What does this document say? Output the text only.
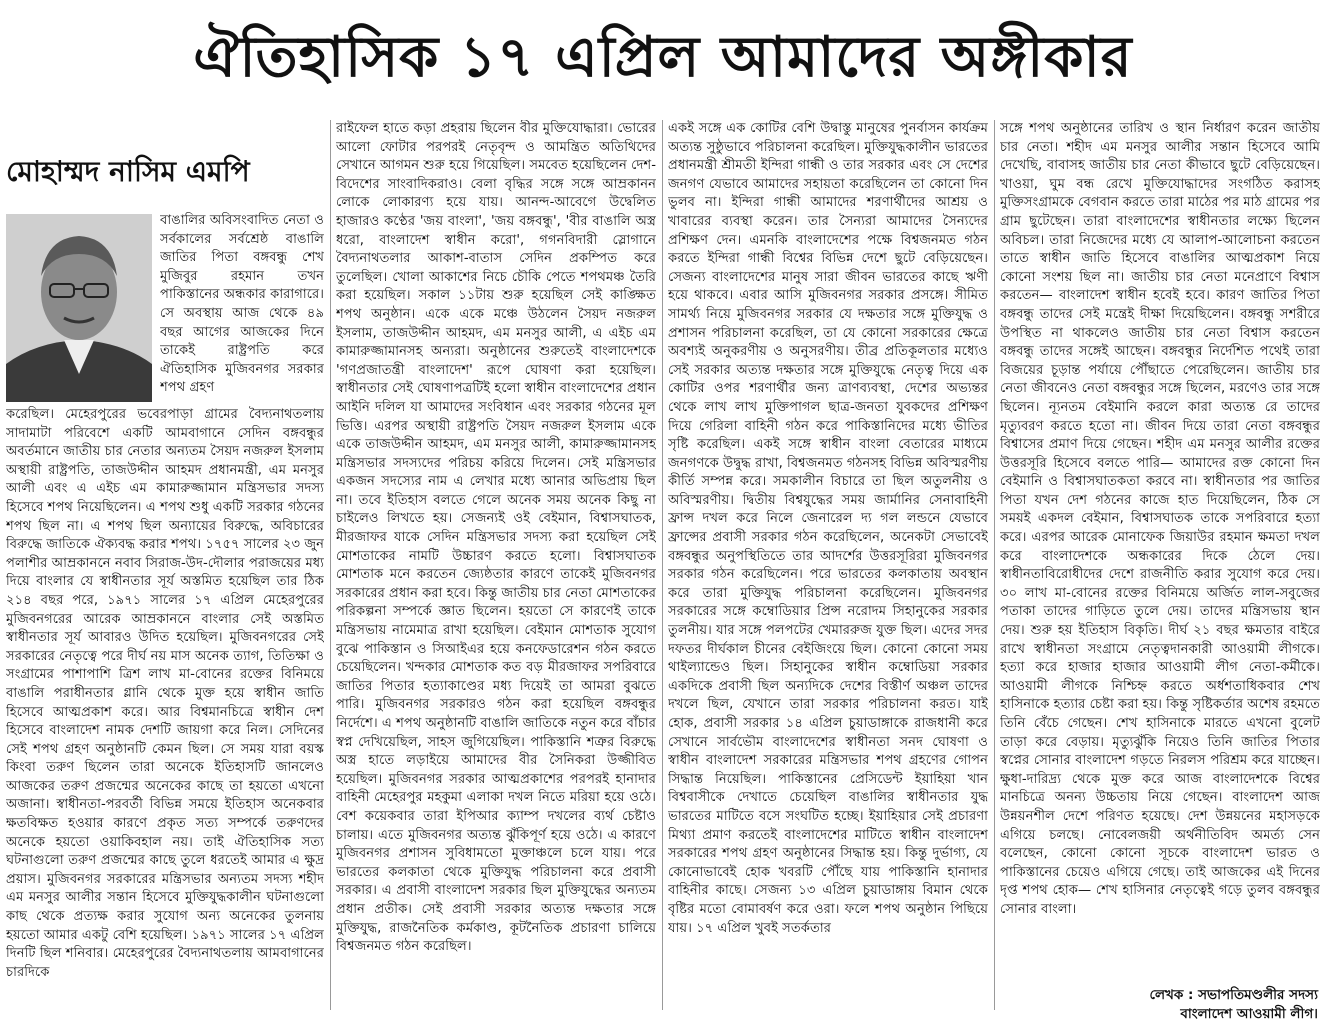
ঐতিহাসিক ১৭ এপ্রিল আমাদের অঙ্গীকার
মোহাম্মদ নাসিম এমপি
বাঙালির অবিসংবাদিত নেতা ও সর্বকালের সর্বশ্রেষ্ঠ বাঙালি জাতির পিতা বঙ্গবন্ধু শেখ মুজিবুর রহমান তখন পাকিস্তানের অন্ধকার কারাগারে। সে অবস্থায় আজ থেকে ৪৯ বছর আগের আজকের দিনে তাকেই রাষ্ট্রপতি করে ঐতিহাসিক মুজিবনগর সরকার শপথ গ্রহণ
করেছিল। মেহেরপুরের ভবেরপাড়া গ্রামের বৈদ্যনাথতলায় সাদামাটা পরিবেশে একটি আমবাগানে সেদিন বঙ্গবন্ধুর অবর্তমানে জাতীয় চার নেতার অন্যতম সৈয়দ নজরুল ইসলাম অস্থায়ী রাষ্ট্রপতি, তাজউদ্দীন আহমদ প্রধানমন্ত্রী, এম মনসুর আলী এবং এ এইচ এম কামারুজ্জামান মন্ত্রিসভার সদস্য হিসেবে শপথ নিয়েছিলেন। এ শপথ শুধু একটি সরকার গঠনের শপথ ছিল না। এ শপথ ছিল অন্যায়ের বিরুদ্ধে, অবিচারের বিরুদ্ধে জাতিকে ঐক্যবদ্ধ করার শপথ। ১৭৫৭ সালের ২৩ জুন পলাশীর আম্রকাননে নবাব সিরাজ-উদ-দৌলার পরাজয়ের মধ্য দিয়ে বাংলার যে স্বাধীনতার সূর্য অস্তমিত হয়েছিল তার ঠিক ২১৪ বছর পরে, ১৯৭১ সালের ১৭ এপ্রিল মেহেরপুরের মুজিবনগরের আরেক আম্রকাননে বাংলার সেই অস্তমিত স্বাধীনতার সূর্য আবারও উদিত হয়েছিল। মুজিবনগরের সেই সরকারের নেতৃত্বে পরে দীর্ঘ নয় মাস অনেক ত্যাগ, তিতিক্ষা ও সংগ্রামের পাশাপাশি ত্রিশ লাখ মা-বোনের রক্তের বিনিময়ে বাঙালি পরাধীনতার গ্লানি থেকে মুক্ত হয়ে স্বাধীন জাতি হিসেবে আত্মপ্রকাশ করে। আর বিশ্বমানচিত্রে স্বাধীন দেশ হিসেবে বাংলাদেশ নামক দেশটি জায়গা করে নিল। সেদিনের সেই শপথ গ্রহণ অনুষ্ঠানটি কেমন ছিল। সে সময় যারা বয়স্ক কিংবা তরুণ ছিলেন তারা অনেকে ইতিহাসটি জানলেও আজকের তরুণ প্রজন্মের অনেকের কাছে তা হয়তো এখনো অজানা। স্বাধীনতা-পরবর্তী বিভিন্ন সময়ে ইতিহাস অনেকবার ক্ষতবিক্ষত হওয়ার কারণে প্রকৃত সত্য সম্পর্কে তরুণদের অনেকে হয়তো ওয়াকিবহাল নয়। তাই ঐতিহাসিক সত্য ঘটনাগুলো তরুণ প্রজন্মের কাছে তুলে ধরতেই আমার এ ক্ষুদ্র প্রয়াস। মুজিবনগর সরকারের মন্ত্রিসভার অন্যতম সদস্য শহীদ এম মনসুর আলীর সন্তান হিসেবে মুক্তিযুদ্ধকালীন ঘটনাগুলো কাছ থেকে প্রত্যক্ষ করার সুযোগ অন্য অনেকের তুলনায় হয়তো আমার একটু বেশি হয়েছিল। ১৯৭১ সালের ১৭ এপ্রিল দিনটি ছিল শনিবার। মেহেরপুরের বৈদ্যনাথতলায় আমবাগানের চারদিকে
রাইফেল হাতে কড়া প্রহরায় ছিলেন বীর মুক্তিযোদ্ধারা। ভোরের আলো ফোটার পরপরই নেতৃবৃন্দ ও আমন্ত্রিত অতিথিদের সেখানে আগমন শুরু হয়ে গিয়েছিল। সমবেত হয়েছিলেন দেশ-বিদেশের সাংবাদিকরাও। বেলা বৃদ্ধির সঙ্গে সঙ্গে আম্রকানন লোকে লোকারণ্য হয়ে যায়। আনন্দ-আবেগে উদ্বেলিত হাজারও কণ্ঠের 'জয় বাংলা', 'জয় বঙ্গবন্ধু', 'বীর বাঙালি অস্ত্র ধরো, বাংলাদেশ স্বাধীন করো', গগনবিদারী স্লোগানে বৈদ্যনাথতলার আকাশ-বাতাস সেদিন প্রকম্পিত করে তুলেছিল। খোলা আকাশের নিচে চৌকি পেতে শপথমঞ্চ তৈরি করা হয়েছিল। সকাল ১১টায় শুরু হয়েছিল সেই কাঙ্ক্ষিত শপথ অনুষ্ঠান। একে একে মঞ্চে উঠলেন সৈয়দ নজরুল ইসলাম, তাজউদ্দীন আহমদ, এম মনসুর আলী, এ এইচ এম কামারুজ্জামানসহ অন্যরা। অনুষ্ঠানের শুরুতেই বাংলাদেশকে 'গণপ্রজাতন্ত্রী বাংলাদেশ' রূপে ঘোষণা করা হয়েছিল। স্বাধীনতার সেই ঘোষণাপত্রটিই হলো স্বাধীন বাংলাদেশের প্রধান আইনি দলিল যা আমাদের সংবিধান এবং সরকার গঠনের মূল ভিত্তি। এরপর অস্থায়ী রাষ্ট্রপতি সৈয়দ নজরুল ইসলাম একে একে তাজউদ্দীন আহমদ, এম মনসুর আলী, কামারুজ্জামানসহ মন্ত্রিসভার সদস্যদের পরিচয় করিয়ে দিলেন। সেই মন্ত্রিসভার একজন সদস্যের নাম এ লেখার মধ্যে আনার অভিপ্রায় ছিল না। তবে ইতিহাস বলতে গেলে অনেক সময় অনেক কিছু না চাইলেও লিখতে হয়। সেজন্যই ওই বেইমান, বিশ্বাসঘাতক, মীরজাফর যাকে সেদিন মন্ত্রিসভার সদস্য করা হয়েছিল সেই মোশতাকের নামটি উচ্চারণ করতে হলো। বিশ্বাসঘাতক মোশতাক মনে করতেন জ্যেষ্ঠতার কারণে তাকেই মুজিবনগর সরকারের প্রধান করা হবে। কিন্তু জাতীয় চার নেতা মোশতাকের পরিকল্পনা সম্পর্কে জ্ঞাত ছিলেন। হয়তো সে কারণেই তাকে মন্ত্রিসভায় নামেমাত্র রাখা হয়েছিল। বেইমান মোশতাক সুযোগ বুঝে পাকিস্তান ও সিআইএর হয়ে কনফেডারেশন গঠন করতে চেয়েছিলেন। খন্দকার মোশতাক কত বড় মীরজাফর সপরিবারে জাতির পিতার হত্যাকাণ্ডের মধ্য দিয়েই তা আমরা বুঝতে পারি। মুজিবনগর সরকারও গঠন করা হয়েছিল বঙ্গবন্ধুর নির্দেশে। এ শপথ অনুষ্ঠানটি বাঙালি জাতিকে নতুন করে বাঁচার স্বপ্ন দেখিয়েছিল, সাহস জুগিয়েছিল। পাকিস্তানি শত্রুর বিরুদ্ধে অস্ত্র হাতে লড়াইয়ে আমাদের বীর সৈনিকরা উজ্জীবিত হয়েছিল। মুজিবনগর সরকার আত্মপ্রকাশের পরপরই হানাদার বাহিনী মেহেরপুর মহকুমা এলাকা দখল নিতে মরিয়া হয়ে ওঠে। বেশ কয়েকবার তারা ইপিআর ক্যাম্প দখলের ব্যর্থ চেষ্টাও চালায়। এতে মুজিবনগর অত্যন্ত ঝুঁকিপূর্ণ হয়ে ওঠে। এ কারণে মুজিবনগর প্রশাসন সুবিধামতো মুক্তাঞ্চলে চলে যায়। পরে ভারতের কলকাতা থেকে মুক্তিযুদ্ধ পরিচালনা করে প্রবাসী সরকার। এ প্রবাসী বাংলাদেশ সরকার ছিল মুক্তিযুদ্ধের অন্যতম প্রধান প্রতীক। সেই প্রবাসী সরকার অত্যন্ত দক্ষতার সঙ্গে মুক্তিযুদ্ধ, রাজনৈতিক কর্মকাণ্ড, কূটনৈতিক প্রচারণা চালিয়ে বিশ্বজনমত গঠন করেছিল।
একই সঙ্গে এক কোটির বেশি উদ্বাস্তু মানুষের পুনর্বাসন কার্যক্রম অত্যন্ত সুষ্ঠুভাবে পরিচালনা করেছিল। মুক্তিযুদ্ধকালীন ভারতের প্রধানমন্ত্রী শ্রীমতী ইন্দিরা গান্ধী ও তার সরকার এবং সে দেশের জনগণ যেভাবে আমাদের সহায়তা করেছিলেন তা কোনো দিন ভুলব না। ইন্দিরা গান্ধী আমাদের শরণার্থীদের আশ্রয় ও খাবারের ব্যবস্থা করেন। তার সৈন্যরা আমাদের সৈন্যদের প্রশিক্ষণ দেন। এমনকি বাংলাদেশের পক্ষে বিশ্বজনমত গঠন করতে ইন্দিরা গান্ধী বিশ্বের বিভিন্ন দেশে ছুটে বেড়িয়েছেন। সেজন্য বাংলাদেশের মানুষ সারা জীবন ভারতের কাছে ঋণী হয়ে থাকবে। এবার আসি মুজিবনগর সরকার প্রসঙ্গে। সীমিত সামর্থ্য নিয়ে মুজিবনগর সরকার যে দক্ষতার সঙ্গে মুক্তিযুদ্ধ ও প্রশাসন পরিচালনা করেছিল, তা যে কোনো সরকারের ক্ষেত্রে অবশ্যই অনুকরণীয় ও অনুসরণীয়। তীব্র প্রতিকূলতার মধ্যেও সেই সরকার অত্যন্ত দক্ষতার সঙ্গে মুক্তিযুদ্ধে নেতৃত্ব দিয়ে এক কোটির ওপর শরণার্থীর জন্য ত্রাণব্যবস্থা, দেশের অভ্যন্তর থেকে লাখ লাখ মুক্তিপাগল ছাত্র-জনতা যুবকদের প্রশিক্ষণ দিয়ে গেরিলা বাহিনী গঠন করে পাকিস্তানিদের মধ্যে ভীতির সৃষ্টি করেছিল। একই সঙ্গে স্বাধীন বাংলা বেতারের মাধ্যমে জনগণকে উদ্বুদ্ধ রাখা, বিশ্বজনমত গঠনসহ বিভিন্ন অবিস্মরণীয় কীর্তি সম্পন্ন করে। সমকালীন বিচারে তা ছিল অতুলনীয় ও অবিস্মরণীয়। দ্বিতীয় বিশ্বযুদ্ধের সময় জার্মানির সেনাবাহিনী ফ্রান্স দখল করে নিলে জেনারেল দ্য গল লন্ডনে যেভাবে ফ্রান্সের প্রবাসী সরকার গঠন করেছিলেন, অনেকটা সেভাবেই বঙ্গবন্ধুর অনুপস্থিতিতে তার আদর্শের উত্তরসূরিরা মুজিবনগর সরকার গঠন করেছিলেন। পরে ভারতের কলকাতায় অবস্থান করে তারা মুক্তিযুদ্ধ পরিচালনা করেছিলেন। মুজিবনগর সরকারের সঙ্গে কম্বোডিয়ার প্রিন্স নরোদম সিহানুকের সরকার তুলনীয়। যার সঙ্গে পলপটের খেমাররুজ যুক্ত ছিল। এদের সদর দফতর দীর্ঘকাল চীনের বেইজিংয়ে ছিল। কোনো কোনো সময় থাইল্যান্ডেও ছিল। সিহানুকের স্বাধীন কম্বোডিয়া সরকার একদিকে প্রবাসী ছিল অন্যদিকে দেশের বিস্তীর্ণ অঞ্চল তাদের দখলে ছিল, যেখানে তারা সরকার পরিচালনা করত। যাই হোক, প্রবাসী সরকার ১৪ এপ্রিল চুয়াডাঙ্গাকে রাজধানী করে সেখানে সার্বভৌম বাংলাদেশের স্বাধীনতা সনদ ঘোষণা ও স্বাধীন বাংলাদেশ সরকারের মন্ত্রিসভার শপথ গ্রহণের গোপন সিদ্ধান্ত নিয়েছিল। পাকিস্তানের প্রেসিডেন্ট ইয়াহিয়া খান বিশ্ববাসীকে দেখাতে চেয়েছিল বাঙালির স্বাধীনতার যুদ্ধ ভারতের মাটিতে বসে সংঘটিত হচ্ছে। ইয়াহিয়ার সেই প্রচারণা মিথ্যা প্রমাণ করতেই বাংলাদেশের মাটিতে স্বাধীন বাংলাদেশ সরকারের শপথ গ্রহণ অনুষ্ঠানের সিদ্ধান্ত হয়। কিন্তু দুর্ভাগ্য, যে কোনোভাবেই হোক খবরটি পৌঁছে যায় পাকিস্তানি হানাদার বাহিনীর কাছে। সেজন্য ১৩ এপ্রিল চুয়াডাঙ্গায় বিমান থেকে বৃষ্টির মতো বোমাবর্ষণ করে ওরা। ফলে শপথ অনুষ্ঠান পিছিয়ে যায়। ১৭ এপ্রিল খুবই সতর্কতার
সঙ্গে শপথ অনুষ্ঠানের তারিখ ও স্থান নির্ধারণ করেন জাতীয় চার নেতা। শহীদ এম মনসুর আলীর সন্তান হিসেবে আমি দেখেছি, বাবাসহ জাতীয় চার নেতা কীভাবে ছুটে বেড়িয়েছেন। খাওয়া, ঘুম বন্ধ রেখে মুক্তিযোদ্ধাদের সংগঠিত করাসহ মুক্তিসংগ্রামকে বেগবান করতে তারা মাঠের পর মাঠ গ্রামের পর গ্রাম ছুটেছেন। তারা বাংলাদেশের স্বাধীনতার লক্ষ্যে ছিলেন অবিচল। তারা নিজেদের মধ্যে যে আলাপ-আলোচনা করতেন তাতে স্বাধীন জাতি হিসেবে বাঙালির আত্মপ্রকাশ নিয়ে কোনো সংশয় ছিল না। জাতীয় চার নেতা মনেপ্রাণে বিশ্বাস করতেন— বাংলাদেশ স্বাধীন হবেই হবে। কারণ জাতির পিতা বঙ্গবন্ধু তাদের সেই মন্ত্রেই দীক্ষা দিয়েছিলেন। বঙ্গবন্ধু সশরীরে উপস্থিত না থাকলেও জাতীয় চার নেতা বিশ্বাস করতেন বঙ্গবন্ধু তাদের সঙ্গেই আছেন। বঙ্গবন্ধুর নির্দেশিত পথেই তারা বিজয়ের চূড়ান্ত পর্যায়ে পৌঁছাতে পেরেছিলেন। জাতীয় চার নেতা জীবনেও নেতা বঙ্গবন্ধুর সঙ্গে ছিলেন, মরণেও তার সঙ্গে ছিলেন। ন্যূনতম বেইমানি করলে কারা অত্যন্ত রে তাদের মৃত্যুবরণ করতে হতো না। জীবন দিয়ে তারা নেতা বঙ্গবন্ধুর বিশ্বাসের প্রমাণ দিয়ে গেছেন। শহীদ এম মনসুর আলীর রক্তের উত্তরসূরি হিসেবে বলতে পারি— আমাদের রক্ত কোনো দিন বেইমানি ও বিশ্বাসঘাতকতা করবে না। স্বাধীনতার পর জাতির পিতা যখন দেশ গঠনের কাজে হাত দিয়েছিলেন, ঠিক সে সময়ই একদল বেইমান, বিশ্বাসঘাতক তাকে সপরিবারে হত্যা করে। এরপর আরেক মোনাফেক জিয়াউর রহমান ক্ষমতা দখল করে বাংলাদেশকে অন্ধকারের দিকে ঠেলে দেয়। স্বাধীনতাবিরোধীদের দেশে রাজনীতি করার সুযোগ করে দেয়। ৩০ লাখ মা-বোনের রক্তের বিনিময়ে অর্জিত লাল-সবুজের পতাকা তাদের গাড়িতে তুলে দেয়। তাদের মন্ত্রিসভায় স্থান দেয়। শুরু হয় ইতিহাস বিকৃতি। দীর্ঘ ২১ বছর ক্ষমতার বাইরে রাখে স্বাধীনতা সংগ্রামে নেতৃত্বদানকারী আওয়ামী লীগকে। হত্যা করে হাজার হাজার আওয়ামী লীগ নেতা-কর্মীকে। আওয়ামী লীগকে নিশ্চিহ্ন করতে অর্ধশতাধিকবার শেখ হাসিনাকে হত্যার চেষ্টা করা হয়। কিন্তু সৃষ্টিকর্তার অশেষ রহমতে তিনি বেঁচে গেছেন। শেখ হাসিনাকে মারতে এখনো বুলেট তাড়া করে বেড়ায়। মৃত্যুঝুঁকি নিয়েও তিনি জাতির পিতার স্বপ্নের সোনার বাংলাদেশ গড়তে নিরলস পরিশ্রম করে যাচ্ছেন। ক্ষুধা-দারিদ্র্য থেকে মুক্ত করে আজ বাংলাদেশকে বিশ্বের মানচিত্রে অনন্য উচ্চতায় নিয়ে গেছেন। বাংলাদেশ আজ উন্নয়নশীল দেশে পরিণত হয়েছে। দেশ উন্নয়নের মহাসড়কে এগিয়ে চলছে। নোবেলজয়ী অর্থনীতিবিদ অমর্ত্য সেন বলেছেন, কোনো কোনো সূচকে বাংলাদেশ ভারত ও পাকিস্তানের চেয়েও এগিয়ে গেছে। তাই আজকের এই দিনের দৃপ্ত শপথ হোক— শেখ হাসিনার নেতৃত্বেই গড়ে তুলব বঙ্গবন্ধুর সোনার বাংলা।
লেখক : সভাপতিমণ্ডলীর সদস্য
বাংলাদেশ আওয়ামী লীগ।
